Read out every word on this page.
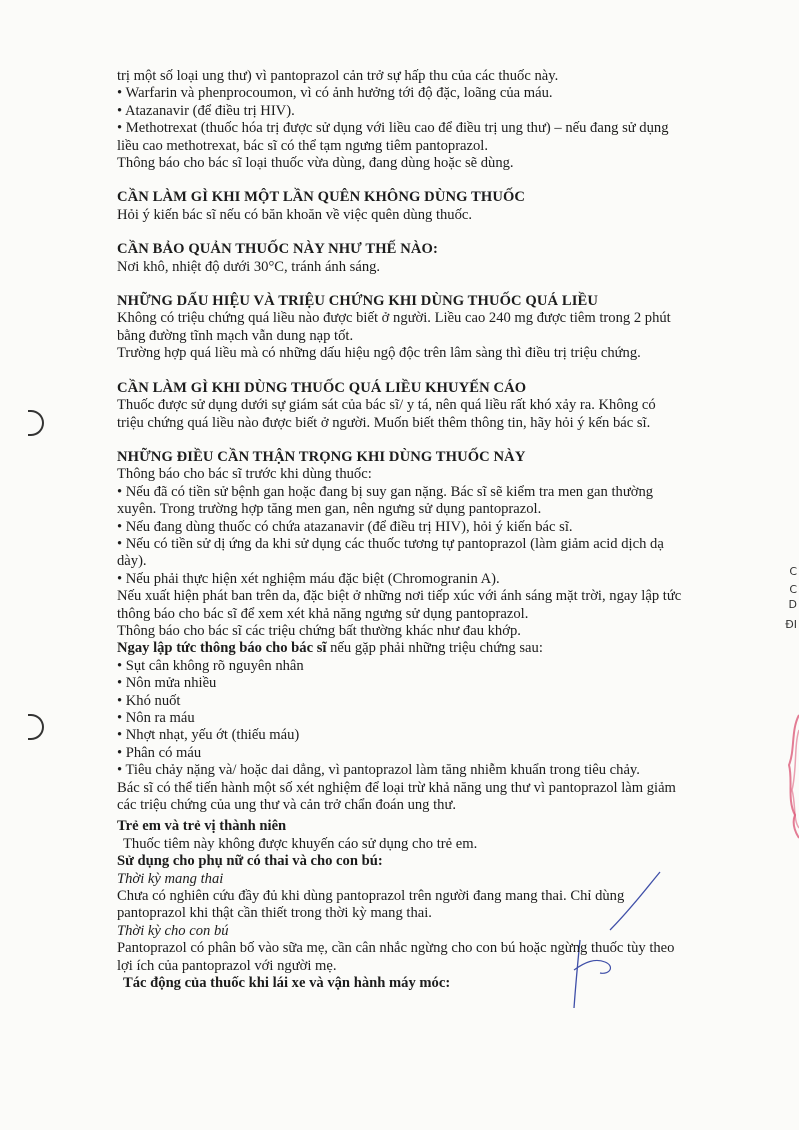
C
C
D
ĐI

trị một số loại ung thư) vì pantoprazol cản trở sự hấp thu của các thuốc này.

• Warfarin và phenprocoumon, vì có ảnh hưởng tới độ đặc, loãng của máu.

• Atazanavir (để điều trị HIV).

• Methotrexat (thuốc hóa trị được sử dụng với liều cao để điều trị ung thư) – nếu đang sử dụng

liều cao methotrexat, bác sĩ có thể tạm ngưng tiêm pantoprazol.

Thông báo cho bác sĩ loại thuốc vừa dùng, đang dùng hoặc sẽ dùng.

CẦN LÀM GÌ KHI MỘT LẦN QUÊN KHÔNG DÙNG THUỐC

Hỏi ý kiến bác sĩ nếu có băn khoăn về việc quên dùng thuốc.

CẦN BẢO QUẢN THUỐC NÀY NHƯ THẾ NÀO:

Nơi khô, nhiệt độ dưới 30°C, tránh ánh sáng.

NHỮNG DẤU HIỆU VÀ TRIỆU CHỨNG KHI DÙNG THUỐC QUÁ LIỀU

Không có triệu chứng quá liều nào được biết ở người. Liều cao 240 mg được tiêm trong 2 phút

bằng đường tĩnh mạch vẫn dung nạp tốt.

Trường hợp quá liều mà có những dấu hiệu ngộ độc trên lâm sàng thì điều trị triệu chứng.

CẦN LÀM GÌ KHI DÙNG THUỐC QUÁ LIỀU KHUYẾN CÁO

Thuốc được sử dụng dưới sự giám sát của bác sĩ/ y tá, nên quá liều rất khó xảy ra. Không có

triệu chứng quá liều nào được biết ở người. Muốn biết thêm thông tin, hãy hỏi ý kến bác sĩ.

NHỮNG ĐIỀU CẦN THẬN TRỌNG KHI DÙNG THUỐC NÀY

Thông báo cho bác sĩ trước khi dùng thuốc:

• Nếu đã có tiền sử bệnh gan hoặc đang bị suy gan nặng. Bác sĩ sẽ kiểm tra men gan thường

xuyên. Trong trường hợp tăng men gan, nên ngưng sử dụng pantoprazol.

• Nếu đang dùng thuốc có chứa atazanavir (để điều trị HIV), hỏi ý kiến bác sĩ.

• Nếu có tiền sử dị ứng da khi sử dụng các thuốc tương tự pantoprazol (làm giảm acid dịch dạ

dày).

• Nếu phải thực hiện xét nghiệm máu đặc biệt (Chromogranin A).

Nếu xuất hiện phát ban trên da, đặc biệt ở những nơi tiếp xúc với ánh sáng mặt trời, ngay lập tức

thông báo cho bác sĩ để xem xét khả năng ngưng sử dụng pantoprazol.

Thông báo cho bác sĩ các triệu chứng bất thường khác như đau khớp.

Ngay lập tức thông báo cho bác sĩ nếu gặp phải những triệu chứng sau:

• Sụt cân không rõ nguyên nhân

• Nôn mửa nhiều

• Khó nuốt

• Nôn ra máu

• Nhợt nhạt, yếu ớt (thiếu máu)

• Phân có máu

• Tiêu chảy nặng và/ hoặc dai dẳng, vì pantoprazol làm tăng nhiễm khuẩn trong tiêu chảy.

Bác sĩ có thể tiến hành một số xét nghiệm để loại trừ khả năng ung thư vì pantoprazol làm giảm

các triệu chứng của ung thư và cản trở chẩn đoán ung thư.

Trẻ em và trẻ vị thành niên

Thuốc tiêm này không được khuyến cáo sử dụng cho trẻ em.

Sử dụng cho phụ nữ có thai và cho con bú:

Thời kỳ mang thai

Chưa có nghiên cứu đầy đủ khi dùng pantoprazol trên người đang mang thai. Chỉ dùng

pantoprazol khi thật cần thiết trong thời kỳ mang thai.

Thời kỳ cho con bú

Pantoprazol có phân bố vào sữa mẹ, cần cân nhắc ngừng cho con bú hoặc ngừng thuốc tùy theo

lợi ích của pantoprazol với người mẹ.

Tác động của thuốc khi lái xe và vận hành máy móc:
